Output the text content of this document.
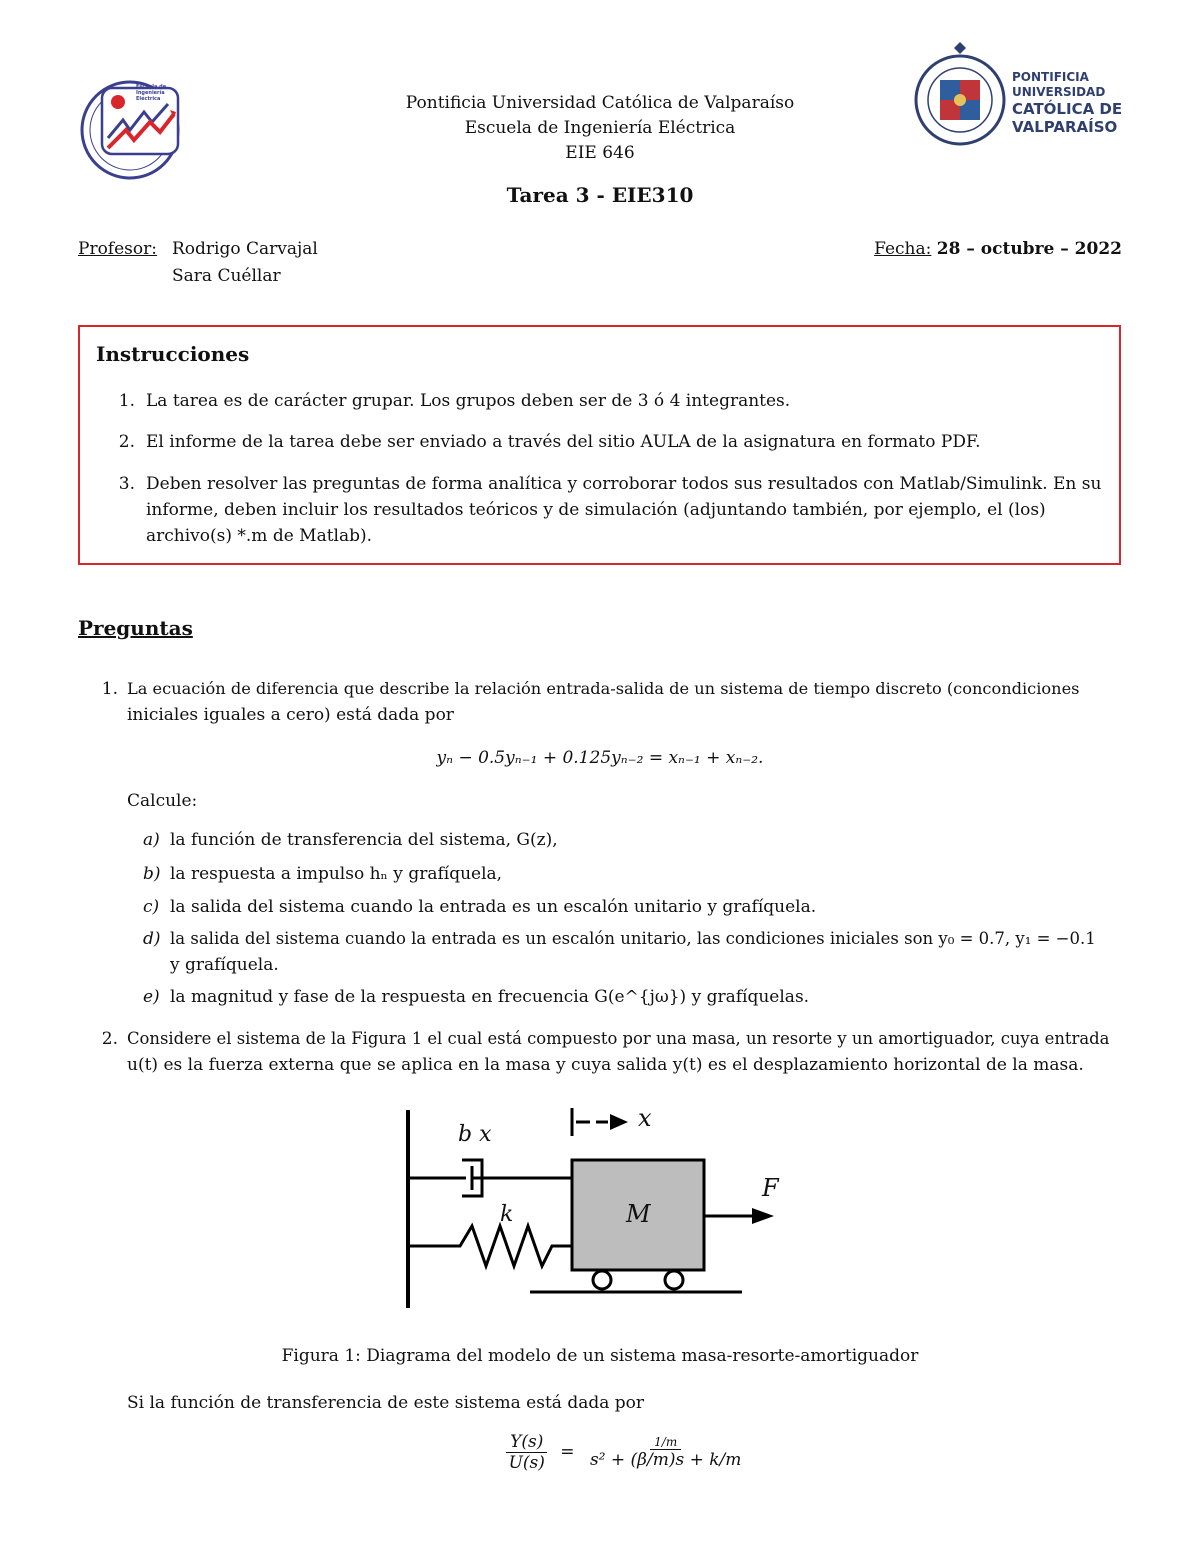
Escuela de Ingeniería Eléctrica
PONTIFICIA
UNIVERSIDAD
CATÓLICA DE
VALPARAÍSO
Pontificia Universidad Católica de Valparaíso
Escuela de Ingeniería Eléctrica
EIE 646
Tarea 3 - EIE310
Profesor: Rodrigo Carvajal
Sara Cuéllar
Fecha: 28 – octubre – 2022
Instrucciones
1. La tarea es de carácter grupar. Los grupos deben ser de 3 ó 4 integrantes.
2. El informe de la tarea debe ser enviado a través del sitio AULA de la asignatura en formato PDF.
3. Deben resolver las preguntas de forma analítica y corroborar todos sus resultados con Matlab/Simulink. En su
informe, deben incluir los resultados teóricos y de simulación (adjuntando también, por ejemplo, el (los)
archivo(s) *.m de Matlab).
Preguntas
1. La ecuación de diferencia que describe la relación entrada-salida de un sistema de tiempo discreto (concondiciones
iniciales iguales a cero) está dada por
yₙ − 0.5yₙ₋₁ + 0.125yₙ₋₂ = xₙ₋₁ + xₙ₋₂.
Calcule:
a) la función de transferencia del sistema, G(z),
b) la respuesta a impulso hₙ y grafíquela,
c) la salida del sistema cuando la entrada es un escalón unitario y grafíquela.
d) la salida del sistema cuando la entrada es un escalón unitario, las condiciones iniciales son y₀ = 0.7, y₁ = −0.1
y grafíquela.
e) la magnitud y fase de la respuesta en frecuencia G(e^{jω}) y grafíquelas.
2. Considere el sistema de la Figura 1 el cual está compuesto por una masa, un resorte y un amortiguador, cuya entrada
u(t) es la fuerza externa que se aplica en la masa y cuya salida y(t) es el desplazamiento horizontal de la masa.
b x
k	M
F
x
Figura 1: Diagrama del modelo de un sistema masa-resorte-amortiguador
Si la función de transferencia de este sistema está dada por
$\frac{Y(s)}{U(s)} = \frac{1/m}{\text{s² + (β/m)s + k/m}}$
